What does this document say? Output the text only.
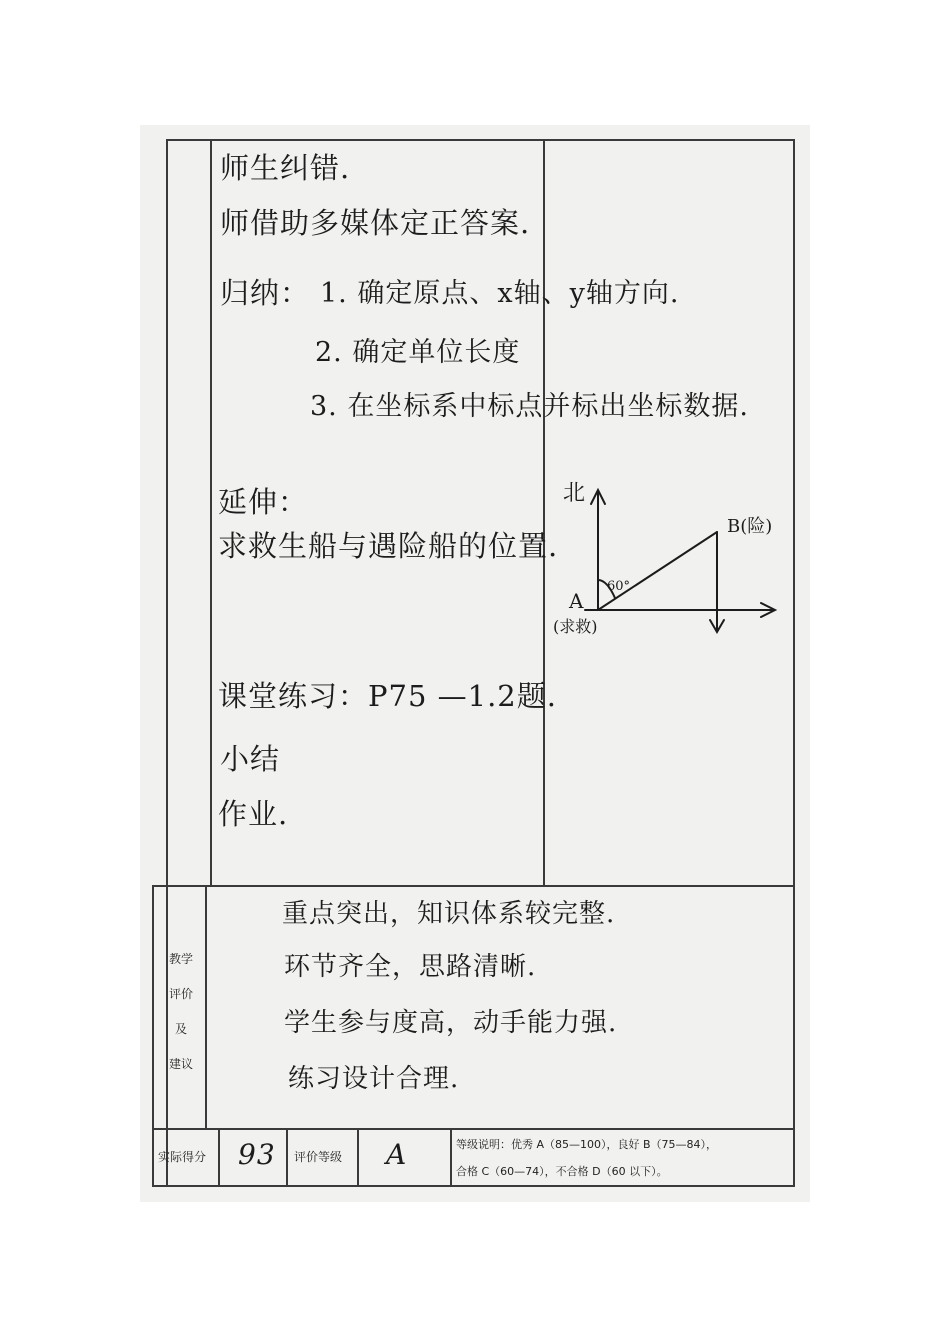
师生纠错.
师借助多媒体定正答案.
归纳： 1. 确定原点、x轴、y轴方向.
2. 确定单位长度
3. 在坐标系中标点并标出坐标数据.
延伸：
求救生船与遇险船的位置.
课堂练习：P75 —1.2题.
小结
作业.
北
60°
A
(求救)
B(险)
教学
评价
及
建议
重点突出，知识体系较完整.
环节齐全，思路清晰.
学生参与度高，动手能力强.
练习设计合理.
实际得分 93 评价等级 A	等级说明：优秀 A（85—100），良好 B（75—84），
合格 C（60—74），不合格 D（60 以下）。
